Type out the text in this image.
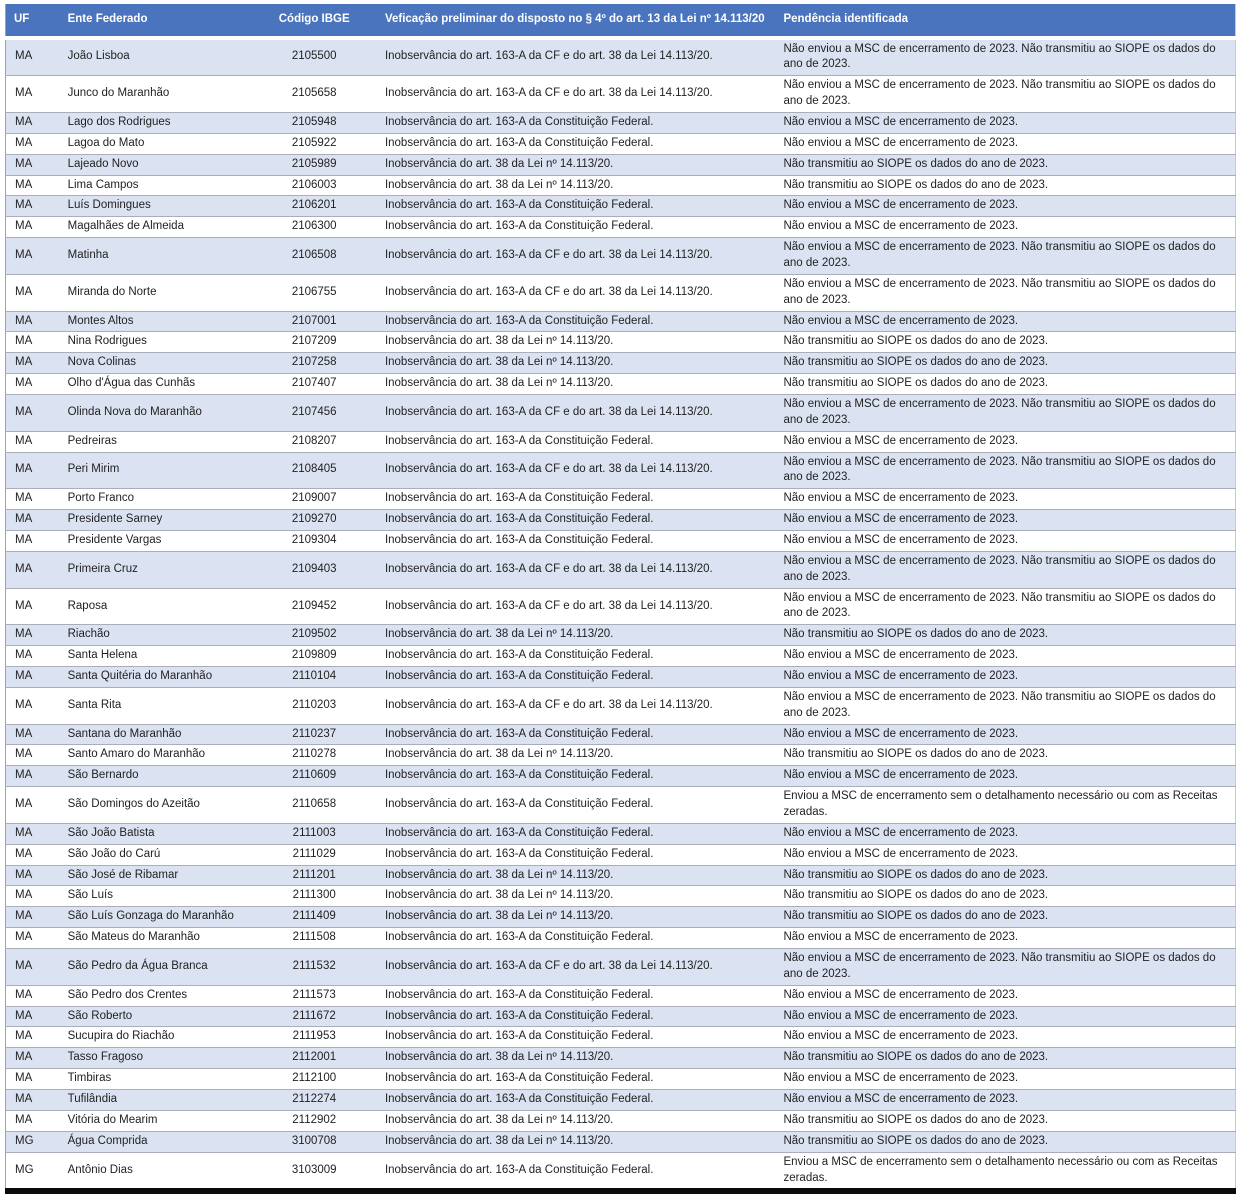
UF	Ente Federado	Código IBGE	Veficação preliminar do disposto no § 4º do art. 13 da Lei nº 14.113/20	Pendência identificada
MA	João Lisboa	2105500	Inobservância do art. 163-A da CF e do art. 38 da Lei 14.113/20.	Não enviou a MSC de encerramento de 2023. Não transmitiu ao SIOPE os dados do ano de 2023.
MA	Junco do Maranhão	2105658	Inobservância do art. 163-A da CF e do art. 38 da Lei 14.113/20.	Não enviou a MSC de encerramento de 2023. Não transmitiu ao SIOPE os dados do ano de 2023.
MA	Lago dos Rodrigues	2105948	Inobservância do art. 163-A da Constituição Federal.	Não enviou a MSC de encerramento de 2023.
MA	Lagoa do Mato	2105922	Inobservância do art. 163-A da Constituição Federal.	Não enviou a MSC de encerramento de 2023.
MA	Lajeado Novo	2105989	Inobservância do art. 38 da Lei nº 14.113/20.	Não transmitiu ao SIOPE os dados do ano de 2023.
MA	Lima Campos	2106003	Inobservância do art. 38 da Lei nº 14.113/20.	Não transmitiu ao SIOPE os dados do ano de 2023.
MA	Luís Domingues	2106201	Inobservância do art. 163-A da Constituição Federal.	Não enviou a MSC de encerramento de 2023.
MA	Magalhães de Almeida	2106300	Inobservância do art. 163-A da Constituição Federal.	Não enviou a MSC de encerramento de 2023.
MA	Matinha	2106508	Inobservância do art. 163-A da CF e do art. 38 da Lei 14.113/20.	Não enviou a MSC de encerramento de 2023. Não transmitiu ao SIOPE os dados do ano de 2023.
MA	Miranda do Norte	2106755	Inobservância do art. 163-A da CF e do art. 38 da Lei 14.113/20.	Não enviou a MSC de encerramento de 2023. Não transmitiu ao SIOPE os dados do ano de 2023.
MA	Montes Altos	2107001	Inobservância do art. 163-A da Constituição Federal.	Não enviou a MSC de encerramento de 2023.
MA	Nina Rodrigues	2107209	Inobservância do art. 38 da Lei nº 14.113/20.	Não transmitiu ao SIOPE os dados do ano de 2023.
MA	Nova Colinas	2107258	Inobservância do art. 38 da Lei nº 14.113/20.	Não transmitiu ao SIOPE os dados do ano de 2023.
MA	Olho d'Água das Cunhãs	2107407	Inobservância do art. 38 da Lei nº 14.113/20.	Não transmitiu ao SIOPE os dados do ano de 2023.
MA	Olinda Nova do Maranhão	2107456	Inobservância do art. 163-A da CF e do art. 38 da Lei 14.113/20.	Não enviou a MSC de encerramento de 2023. Não transmitiu ao SIOPE os dados do ano de 2023.
MA	Pedreiras	2108207	Inobservância do art. 163-A da Constituição Federal.	Não enviou a MSC de encerramento de 2023.
MA	Peri Mirim	2108405	Inobservância do art. 163-A da CF e do art. 38 da Lei 14.113/20.	Não enviou a MSC de encerramento de 2023. Não transmitiu ao SIOPE os dados do ano de 2023.
MA	Porto Franco	2109007	Inobservância do art. 163-A da Constituição Federal.	Não enviou a MSC de encerramento de 2023.
MA	Presidente Sarney	2109270	Inobservância do art. 163-A da Constituição Federal.	Não enviou a MSC de encerramento de 2023.
MA	Presidente Vargas	2109304	Inobservância do art. 163-A da Constituição Federal.	Não enviou a MSC de encerramento de 2023.
MA	Primeira Cruz	2109403	Inobservância do art. 163-A da CF e do art. 38 da Lei 14.113/20.	Não enviou a MSC de encerramento de 2023. Não transmitiu ao SIOPE os dados do ano de 2023.
MA	Raposa	2109452	Inobservância do art. 163-A da CF e do art. 38 da Lei 14.113/20.	Não enviou a MSC de encerramento de 2023. Não transmitiu ao SIOPE os dados do ano de 2023.
MA	Riachão	2109502	Inobservância do art. 38 da Lei nº 14.113/20.	Não transmitiu ao SIOPE os dados do ano de 2023.
MA	Santa Helena	2109809	Inobservância do art. 163-A da Constituição Federal.	Não enviou a MSC de encerramento de 2023.
MA	Santa Quitéria do Maranhão	2110104	Inobservância do art. 163-A da Constituição Federal.	Não enviou a MSC de encerramento de 2023.
MA	Santa Rita	2110203	Inobservância do art. 163-A da CF e do art. 38 da Lei 14.113/20.	Não enviou a MSC de encerramento de 2023. Não transmitiu ao SIOPE os dados do ano de 2023.
MA	Santana do Maranhão	2110237	Inobservância do art. 163-A da Constituição Federal.	Não enviou a MSC de encerramento de 2023.
MA	Santo Amaro do Maranhão	2110278	Inobservância do art. 38 da Lei nº 14.113/20.	Não transmitiu ao SIOPE os dados do ano de 2023.
MA	São Bernardo	2110609	Inobservância do art. 163-A da Constituição Federal.	Não enviou a MSC de encerramento de 2023.
MA	São Domingos do Azeitão	2110658	Inobservância do art. 163-A da Constituição Federal.	Enviou a MSC de encerramento sem o detalhamento necessário ou com as Receitas zeradas.
MA	São João Batista	2111003	Inobservância do art. 163-A da Constituição Federal.	Não enviou a MSC de encerramento de 2023.
MA	São João do Carú	2111029	Inobservância do art. 163-A da Constituição Federal.	Não enviou a MSC de encerramento de 2023.
MA	São José de Ribamar	2111201	Inobservância do art. 38 da Lei nº 14.113/20.	Não transmitiu ao SIOPE os dados do ano de 2023.
MA	São Luís	2111300	Inobservância do art. 38 da Lei nº 14.113/20.	Não transmitiu ao SIOPE os dados do ano de 2023.
MA	São Luís Gonzaga do Maranhão	2111409	Inobservância do art. 38 da Lei nº 14.113/20.	Não transmitiu ao SIOPE os dados do ano de 2023.
MA	São Mateus do Maranhão	2111508	Inobservância do art. 163-A da Constituição Federal.	Não enviou a MSC de encerramento de 2023.
MA	São Pedro da Água Branca	2111532	Inobservância do art. 163-A da CF e do art. 38 da Lei 14.113/20.	Não enviou a MSC de encerramento de 2023. Não transmitiu ao SIOPE os dados do ano de 2023.
MA	São Pedro dos Crentes	2111573	Inobservância do art. 163-A da Constituição Federal.	Não enviou a MSC de encerramento de 2023.
MA	São Roberto	2111672	Inobservância do art. 163-A da Constituição Federal.	Não enviou a MSC de encerramento de 2023.
MA	Sucupira do Riachão	2111953	Inobservância do art. 163-A da Constituição Federal.	Não enviou a MSC de encerramento de 2023.
MA	Tasso Fragoso	2112001	Inobservância do art. 38 da Lei nº 14.113/20.	Não transmitiu ao SIOPE os dados do ano de 2023.
MA	Timbiras	2112100	Inobservância do art. 163-A da Constituição Federal.	Não enviou a MSC de encerramento de 2023.
MA	Tufilândia	2112274	Inobservância do art. 163-A da Constituição Federal.	Não enviou a MSC de encerramento de 2023.
MA	Vitória do Mearim	2112902	Inobservância do art. 38 da Lei nº 14.113/20.	Não transmitiu ao SIOPE os dados do ano de 2023.
MG	Água Comprida	3100708	Inobservância do art. 38 da Lei nº 14.113/20.	Não transmitiu ao SIOPE os dados do ano de 2023.
MG	Antônio Dias	3103009	Inobservância do art. 163-A da Constituição Federal.	Enviou a MSC de encerramento sem o detalhamento necessário ou com as Receitas zeradas.
